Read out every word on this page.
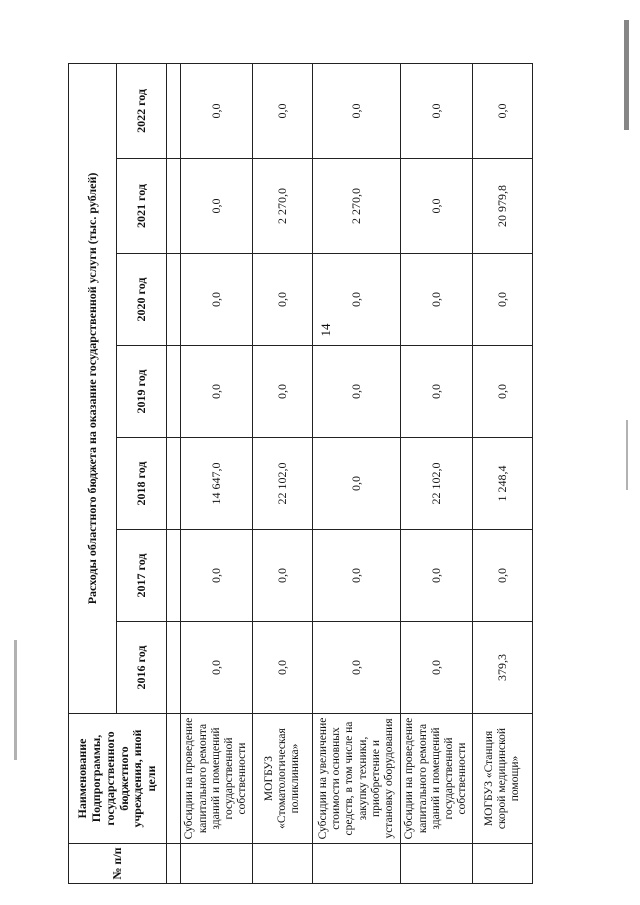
14
№ п/п	Наименование Подпрограммы, государственного бюджетного учреждения, иной цели	Расходы областного бюджета на оказание государственной услуги (тыс. рублей)						
		2016 год	2017 год	2018 год	2019 год	2020 год	2021 год	2022 год

	Субсидии на проведение капитального ремонта зданий и помещений государственной собственности	0,0	0,0	14 647,0	0,0	0,0	0,0	0,0
	МОГБУЗ «Стоматологическая поликлиника»	0,0	0,0	22 102,0	0,0	0,0	2 270,0	0,0
	Субсидии на увеличение стоимости основных средств, в том числе на закупку техники, приобретение и установку оборудования	0,0	0,0	0,0	0,0	0,0	2 270,0	0,0
	Субсидии на проведение капитального ремонта зданий и помещений государственной собственности	0,0	0,0	22 102,0	0,0	0,0	0,0	0,0
	МОГБУЗ «Станция скорой медицинской помощи»	379,3	0,0	1 248,4	0,0	0,0	20 979,8	0,0
